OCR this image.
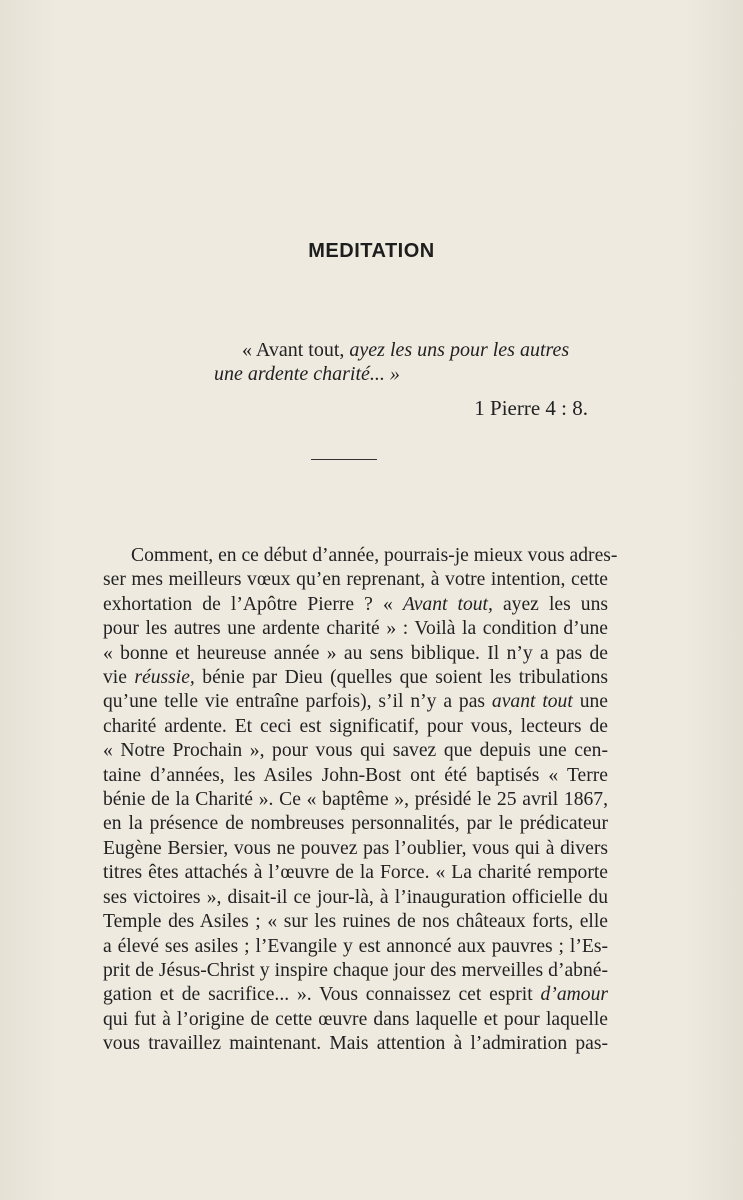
MEDITATION
« Avant tout, ayez les uns pour les autres
une ardente charité... »
1 Pierre 4 : 8.
Comment, en ce début d’année, pourrais-je mieux vous adres-
ser mes meilleurs vœux qu’en reprenant, à votre intention, cette
exhortation de l’Apôtre Pierre ? « Avant tout, ayez les uns
pour les autres une ardente charité » : Voilà la condition d’une
« bonne et heureuse année » au sens biblique. Il n’y a pas de
vie réussie, bénie par Dieu (quelles que soient les tribulations
qu’une telle vie entraîne parfois), s’il n’y a pas avant tout une
charité ardente. Et ceci est significatif, pour vous, lecteurs de
« Notre Prochain », pour vous qui savez que depuis une cen-
taine d’années, les Asiles John-Bost ont été baptisés « Terre
bénie de la Charité ». Ce « baptême », présidé le 25 avril 1867,
en la présence de nombreuses personnalités, par le prédicateur
Eugène Bersier, vous ne pouvez pas l’oublier, vous qui à divers
titres êtes attachés à l’œuvre de la Force. « La charité remporte
ses victoires », disait-il ce jour-là, à l’inauguration officielle du
Temple des Asiles ; « sur les ruines de nos châteaux forts, elle
a élevé ses asiles ; l’Evangile y est annoncé aux pauvres ; l’Es-
prit de Jésus-Christ y inspire chaque jour des merveilles d’abné-
gation et de sacrifice... ». Vous connaissez cet esprit d’amour
qui fut à l’origine de cette œuvre dans laquelle et pour laquelle
vous travaillez maintenant. Mais attention à l’admiration pas-
